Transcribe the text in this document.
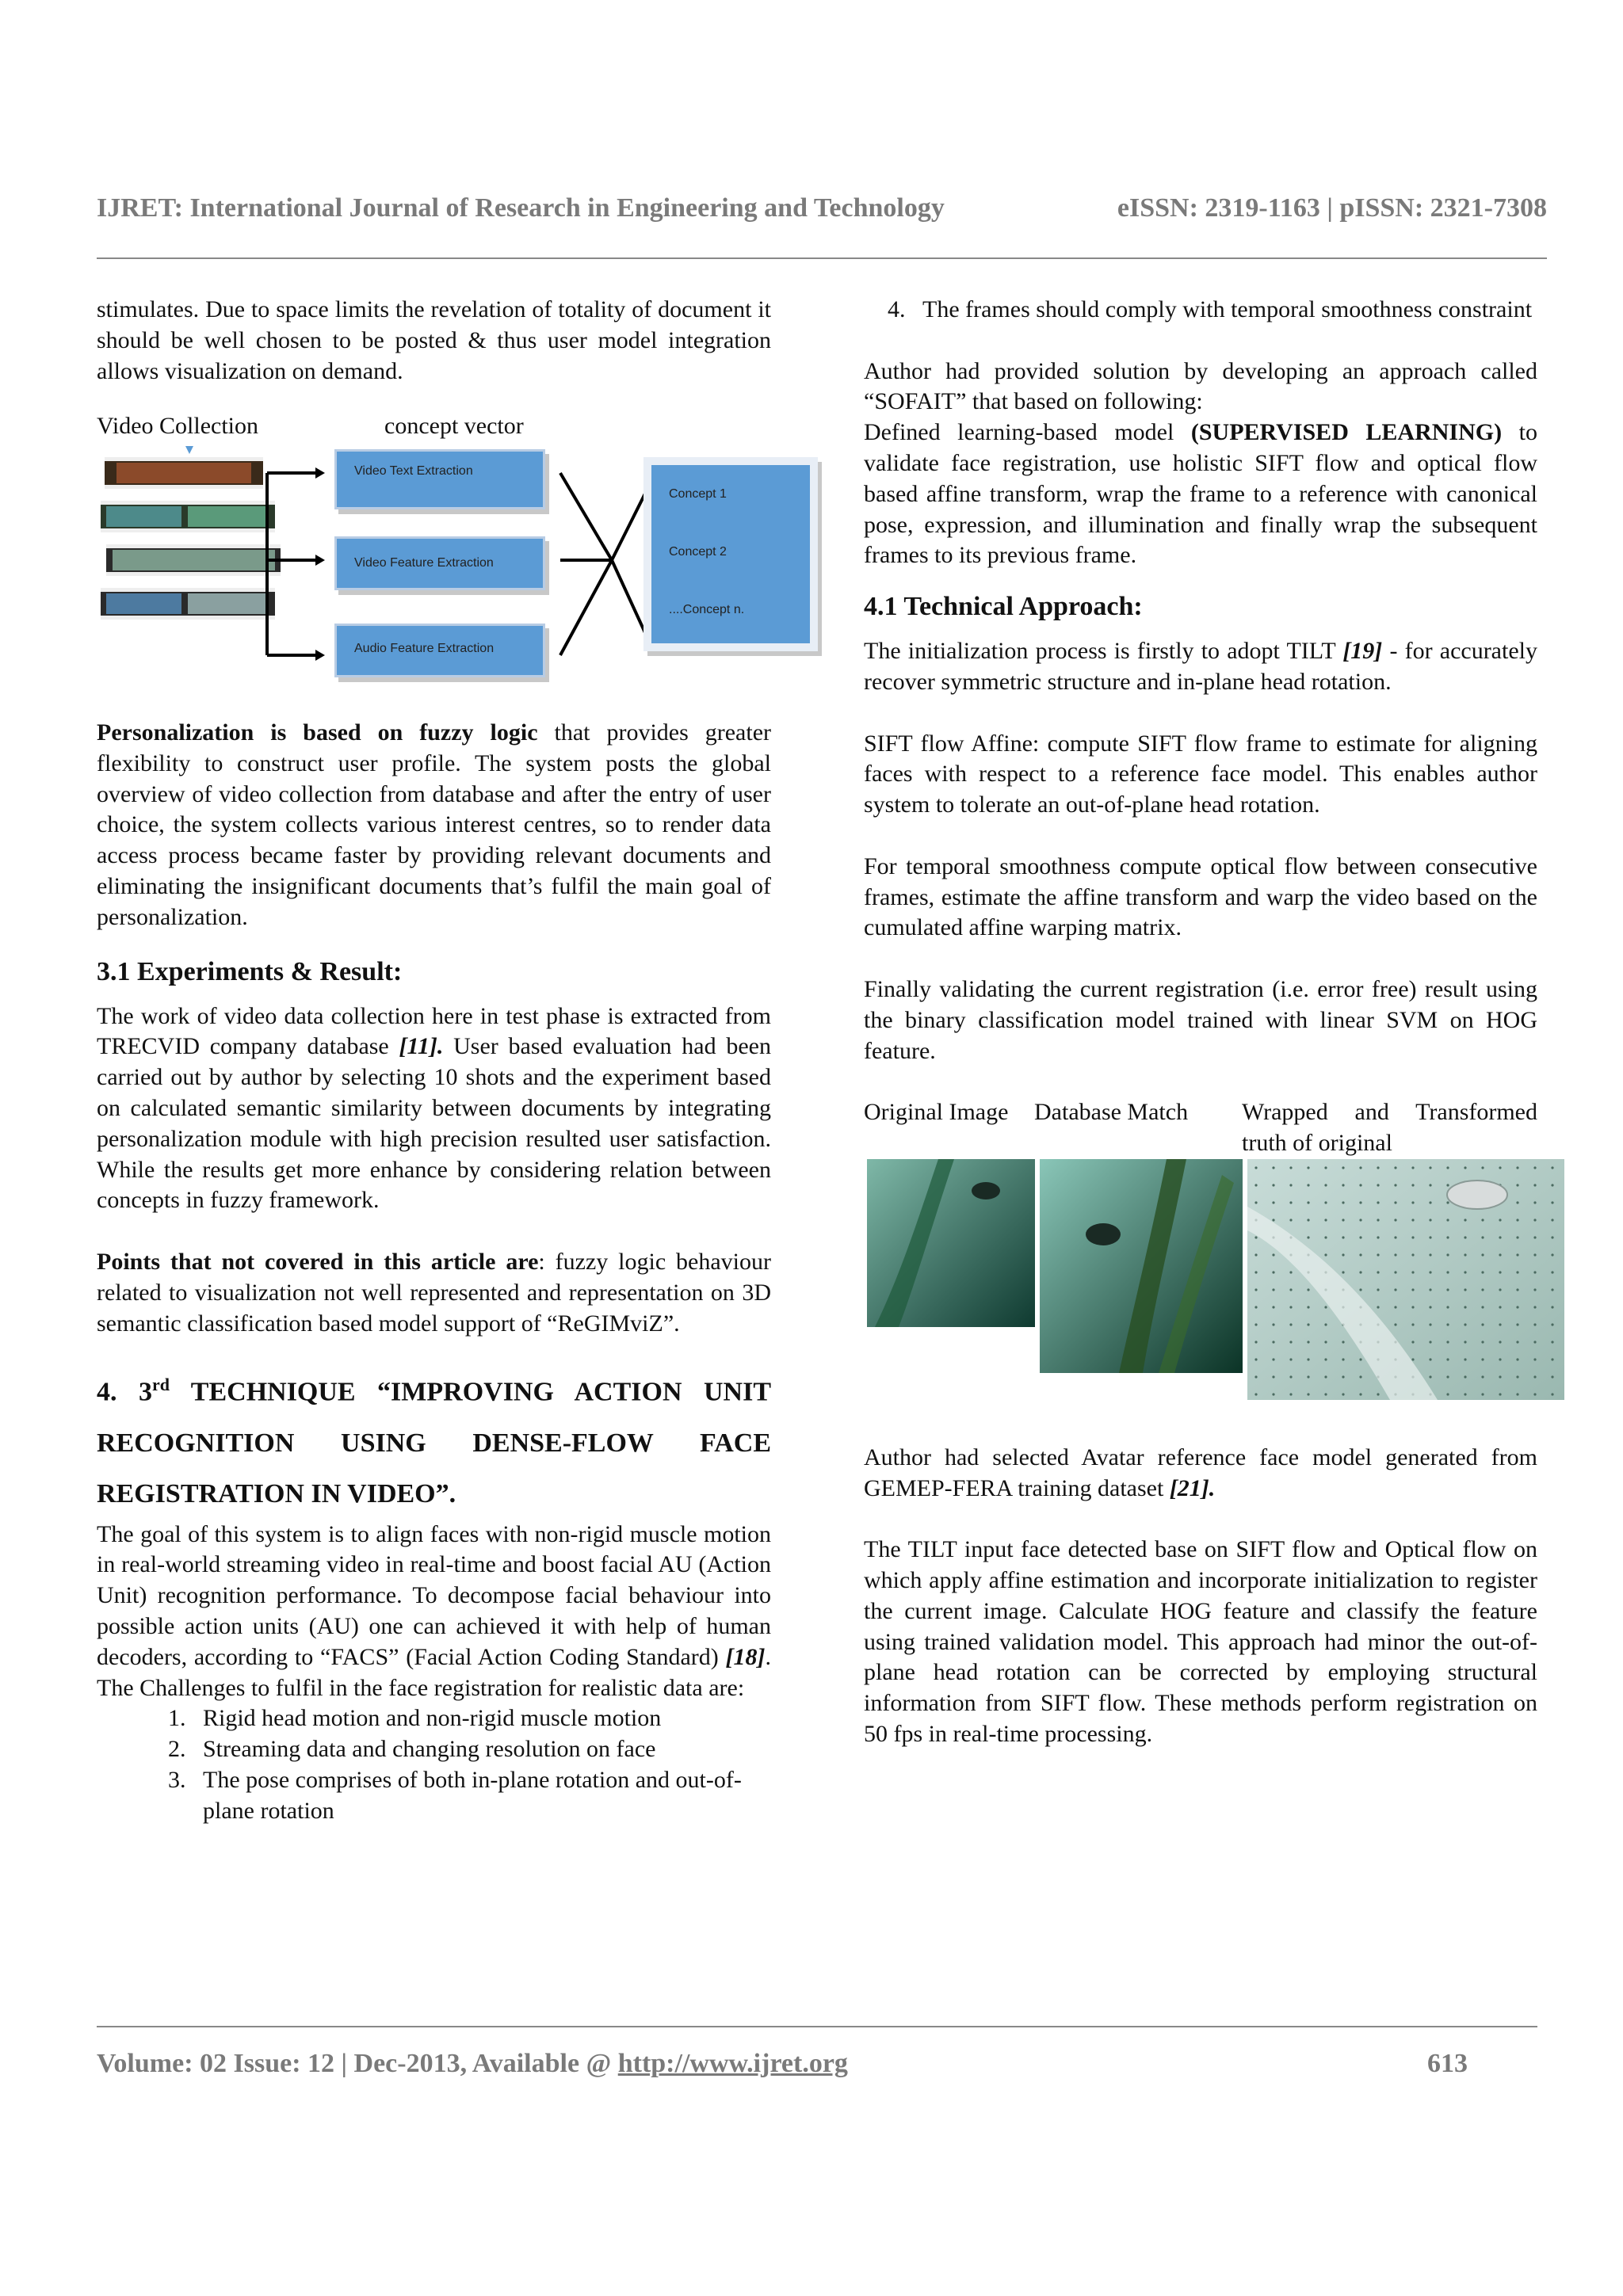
IJRET: International Journal of Research in Engineering and Technology	eISSN: 2319-1163 | pISSN: 2321-7308

stimulates. Due to space limits the revelation of totality of document it should be well chosen to be posted & thus user model integration allows visualization on demand.

Video Collection	concept vector
Video Text Extraction
Video Feature Extraction
Audio Feature Extraction
Concept 1
Concept 2
....Concept n.

Personalization is based on fuzzy logic that provides greater flexibility to construct user profile. The system posts the global overview of video collection from database and after the entry of user choice, the system collects various interest centres, so to render data access process became faster by providing relevant documents and eliminating the insignificant documents that’s fulfil the main goal of personalization.

3.1 Experiments & Result:

The work of video data collection here in test phase is extracted from TRECVID company database [11]. User based evaluation had been carried out by author by selecting 10 shots and the experiment based on calculated semantic similarity between documents by integrating personalization module with high precision resulted user satisfaction. While the results get more enhance by considering relation between concepts in fuzzy framework.

Points that not covered in this article are: fuzzy logic behaviour related to visualization not well represented and representation on 3D semantic classification based model support of “ReGIMviZ”.

4. 3rd TECHNIQUE “IMPROVING ACTION UNIT
RECOGNITION USING DENSE-FLOW FACE
REGISTRATION IN VIDEO”.

The goal of this system is to align faces with non-rigid muscle motion in real-world streaming video in real-time and boost facial AU (Action Unit) recognition performance. To decompose facial behaviour into possible action units (AU) one can achieved it with help of human decoders, according to “FACS” (Facial Action Coding Standard) [18]. The Challenges to fulfil in the face registration for realistic data are:

1. Rigid head motion and non-rigid muscle motion
2. Streaming data and changing resolution on face
3. The pose comprises of both in-plane rotation and out-of-plane rotation
4. The frames should comply with temporal smoothness constraint

Author had provided solution by developing an approach called “SOFAIT” that based on following:
Defined learning-based model (SUPERVISED LEARNING) to validate face registration, use holistic SIFT flow and optical flow based affine transform, wrap the frame to a reference with canonical pose, expression, and illumination and finally wrap the subsequent frames to its previous frame.

4.1 Technical Approach:

The initialization process is firstly to adopt TILT [19] - for accurately recover symmetric structure and in-plane head rotation.

SIFT flow Affine: compute SIFT flow frame to estimate for aligning faces with respect to a reference face model. This enables author system to tolerate an out-of-plane head rotation.

For temporal smoothness compute optical flow between consecutive frames, estimate the affine transform and warp the video based on the cumulated affine warping matrix.

Finally validating the current registration (i.e. error free) result using the binary classification model trained with linear SVM on HOG feature.

Original Image	Database Match	Wrapped and Transformed truth of original

Author had selected Avatar reference face model generated from GEMEP-FERA training dataset [21].

The TILT input face detected base on SIFT flow and Optical flow on which apply affine estimation and incorporate initialization to register the current image. Calculate HOG feature and classify the feature using trained validation model. This approach had minor the out-of-plane head rotation can be corrected by employing structural information from SIFT flow. These methods perform registration on 50 fps in real-time processing.

Volume: 02 Issue: 12 | Dec-2013, Available @ http://www.ijret.org	613
